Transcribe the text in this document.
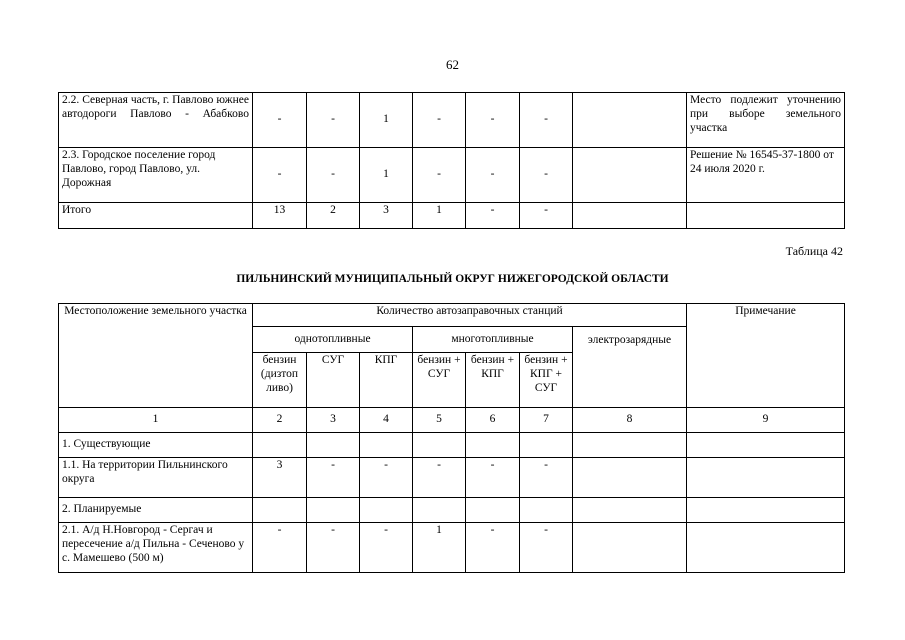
62
2.2. Северная часть, г. Павлово южнее автодороги Павлово - Абабково	-	-	1	-	-	-		Место подлежит уточнению при выборе земельного участка
2.3. Городское поселение город Павлово, город Павлово, ул. Дорожная	-	-	1	-	-	-		Решение № 16545-37-1800 от 24 июля 2020 г.
Итого	13	2	3	1	-	-		
Таблица 42
ПИЛЬНИНСКИЙ МУНИЦИПАЛЬНЫЙ ОКРУГ НИЖЕГОРОДСКОЙ ОБЛАСТИ
Местоположение земельного участка	Количество автозаправочных станций							Примечание
	однотопливные			многотопливные			электрозарядные	
	бензин (дизтоп ливо)	СУГ	КПГ	бензин + СУГ	бензин + КПГ	бензин + КПГ + СУГ		
1	2	3	4	5	6	7	8	9
1. Существующие								
1.1. На территории Пильнинского округа	3	-	-	-	-	-		
2. Планируемые								
2.1. А/д Н.Новгород - Сергач и пересечение а/д Пильна - Сеченово у с. Мамешево (500 м)	-	-	-	1	-	-		
